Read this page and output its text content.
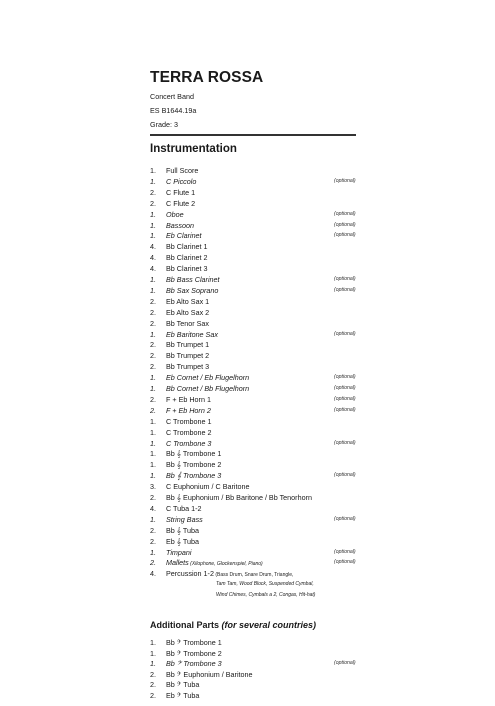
TERRA ROSSA
Concert Band
ES B1644.19a
Grade: 3
Instrumentation
1.	Full Score
1.	C Piccolo	(optional)
2.	C Flute 1
2.	C Flute 2
1.	Oboe	(optional)
1.	Bassoon	(optional)
1.	Eb Clarinet	(optional)
4.	Bb Clarinet 1
4.	Bb Clarinet 2
4.	Bb Clarinet 3
1.	Bb Bass Clarinet	(optional)
1.	Bb Sax Soprano	(optional)
2.	Eb Alto Sax 1
2.	Eb Alto Sax 2
2.	Bb Tenor Sax
1.	Eb Baritone Sax	(optional)
2.	Bb Trumpet 1
2.	Bb Trumpet 2
2.	Bb Trumpet 3
1.	Eb Cornet / Eb Flugelhorn	(optional)
1.	Bb Cornet / Bb Flugelhorn	(optional)
2.	F + Eb Horn 1	(optional)
2.	F + Eb Horn 2	(optional)
1.	C Trombone 1
1.	C Trombone 2
1.	C Trombone 3	(optional)
1.	Bb 𝄞 Trombone 1
1.	Bb 𝄞 Trombone 2
1.	Bb 𝄞 Trombone 3	(optional)
3.	C Euphonium / C Baritone
2.	Bb 𝄞 Euphonium / Bb Baritone / Bb Tenorhorn
4.	C Tuba 1-2
1.	String Bass	(optional)
2.	Bb 𝄞 Tuba
2.	Eb 𝄞 Tuba
1.	Timpani	(optional)
2.	Mallets (Xilophone, Glockenspiel, Piano)	(optional)
4.	Percussion 1-2 (Bass Drum, Snare Drum, Triangle,
Tam Tam, Wood Block, Suspended Cymbal,
Wind Chimes, Cymbals a 2, Congas, Hit-hat)
Additional Parts (for several countries)
1.	Bb 𝄢 Trombone 1
1.	Bb 𝄢 Trombone 2
1.	Bb 𝄢 Trombone 3	(optional)
2.	Bb 𝄢 Euphonium / Baritone
2.	Bb 𝄢 Tuba
2.	Eb 𝄢 Tuba
